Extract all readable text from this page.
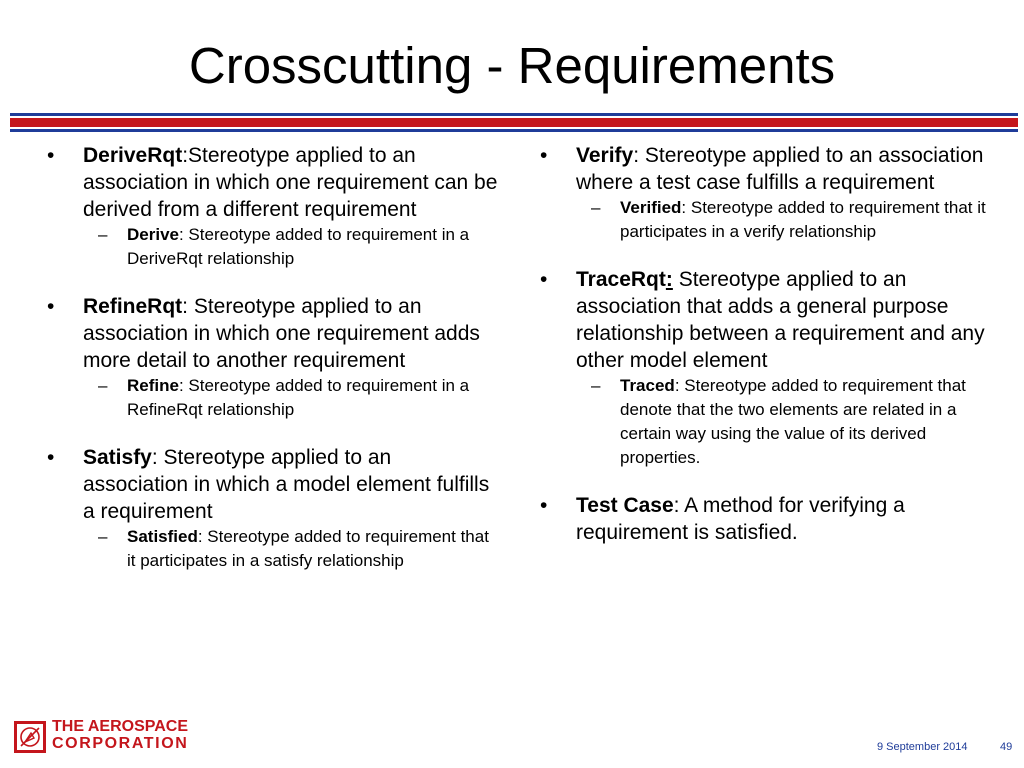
Crosscutting - Requirements
• DeriveRqt:Stereotype applied to an association in which one requirement can be derived from a different requirement
– Derive: Stereotype added to requirement in a DeriveRqt relationship
• RefineRqt: Stereotype applied to an association in which one requirement adds more detail to another requirement
– Refine: Stereotype added to requirement in a RefineRqt relationship
• Satisfy: Stereotype applied to an association in which a model element fulfills a requirement
– Satisfied: Stereotype added to requirement that it participates in a satisfy relationship
• Verify: Stereotype applied to an association where a test case fulfills a requirement
– Verified: Stereotype added to requirement that it participates in a verify relationship
• TraceRqt: Stereotype applied to an association that adds a general purpose relationship between a requirement and any other model element
– Traced: Stereotype added to requirement that denote that the two elements are related in a certain way using the value of its derived properties.
• Test Case: A method for verifying a requirement is satisfied.
THE AEROSPACE
CORPORATION	9 September 2014	49
